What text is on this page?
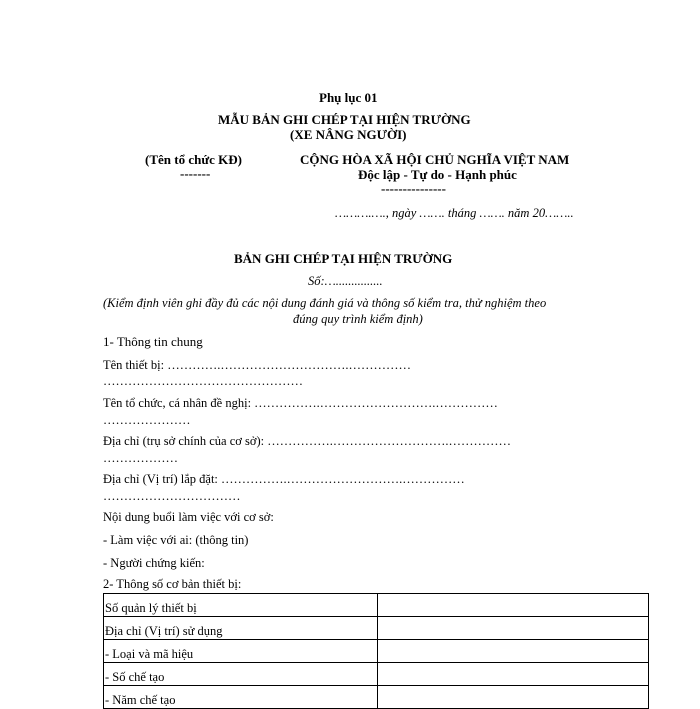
Phụ lục 01
MẪU BẢN GHI CHÉP TẠI HIỆN TRƯỜNG
(XE NÂNG NGƯỜI)
(Tên tổ chức KĐ)
-------
CỘNG HÒA XÃ HỘI CHỦ NGHĨA VIỆT NAM
Độc lập - Tự do - Hạnh phúc
---------------
……….…., ngày ……. tháng ……. năm 20……..
BẢN GHI CHÉP TẠI HIỆN TRƯỜNG
Số:…...............
(Kiểm định viên ghi đầy đủ các nội dung đánh giá và thông số kiểm tra, thử nghiệm theo
đúng quy trình kiểm định)
1- Thông tin chung
Tên thiết bị: ………….………………………….……………
…………………………………………
Tên tổ chức, cá nhân đề nghị: …………….……………………….……………
…………………
Địa chỉ (trụ sở chính của cơ sở): …………….……………………….……………
………………
Địa chỉ (Vị trí) lắp đặt: …………….……………………….……………
……………………………
Nội dung buổi làm việc với cơ sở:
- Làm việc với ai: (thông tin)
- Người chứng kiến:
2- Thông số cơ bản thiết bị:
Số quản lý thiết bị	
Địa chỉ (Vị trí) sử dụng	
- Loại và mã hiệu	
- Số chế tạo	
- Năm chế tạo	
